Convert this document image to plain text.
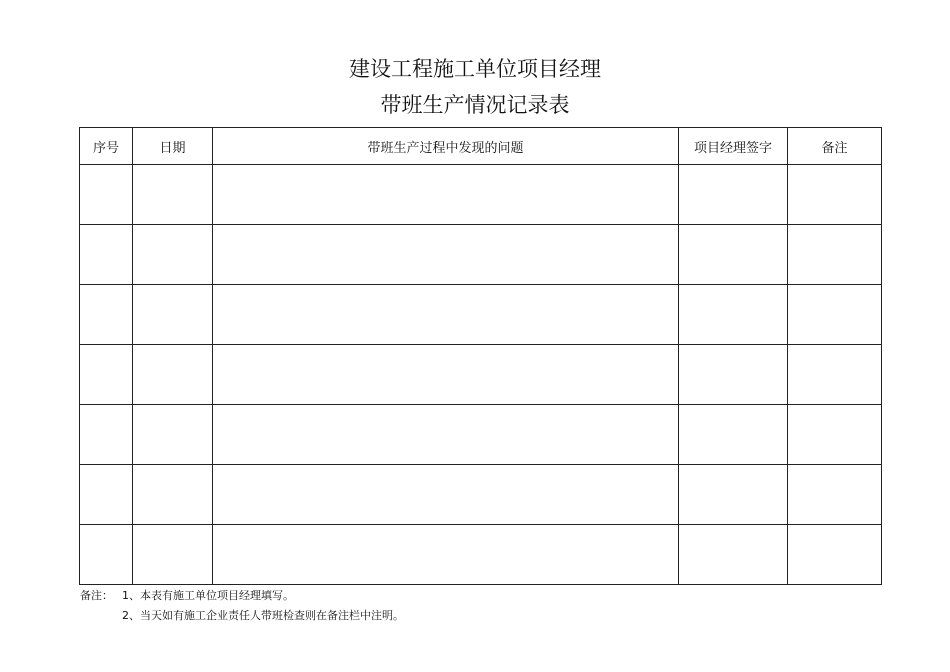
建设工程施工单位项目经理
带班生产情况记录表
序号	日期	带班生产过程中发现的问题	项目经理签字	备注

备注： 1、本表有施工单位项目经理填写。
2、当天如有施工企业责任人带班检查则在备注栏中注明。
